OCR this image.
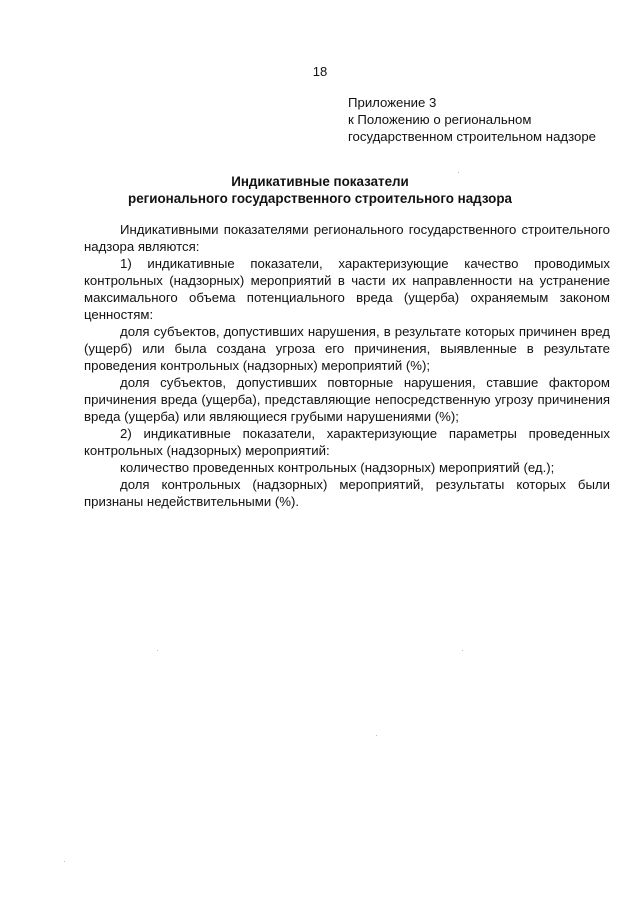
18
Приложение 3
к Положению о региональном
государственном строительном надзоре
Индикативные показатели
регионального государственного строительного надзора

Индикативными показателями регионального государственного строительного надзора являются:

1) индикативные показатели, характеризующие качество проводимых контрольных (надзорных) мероприятий в части их направленности на устранение максимального объема потенциального вреда (ущерба) охраняемым законом ценностям:

доля субъектов, допустивших нарушения, в результате которых причинен вред (ущерб) или была создана угроза его причинения, выявленные в результате проведения контрольных (надзорных) мероприятий (%);

доля субъектов, допустивших повторные нарушения, ставшие фактором причинения вреда (ущерба), представляющие непосредственную угрозу причинения вреда (ущерба) или являющиеся грубыми нарушениями (%);

2) индикативные показатели, характеризующие параметры проведенных контрольных (надзорных) мероприятий:

количество проведенных контрольных (надзорных) мероприятий (ед.);

доля контрольных (надзорных) мероприятий, результаты которых были признаны недействительными (%).
